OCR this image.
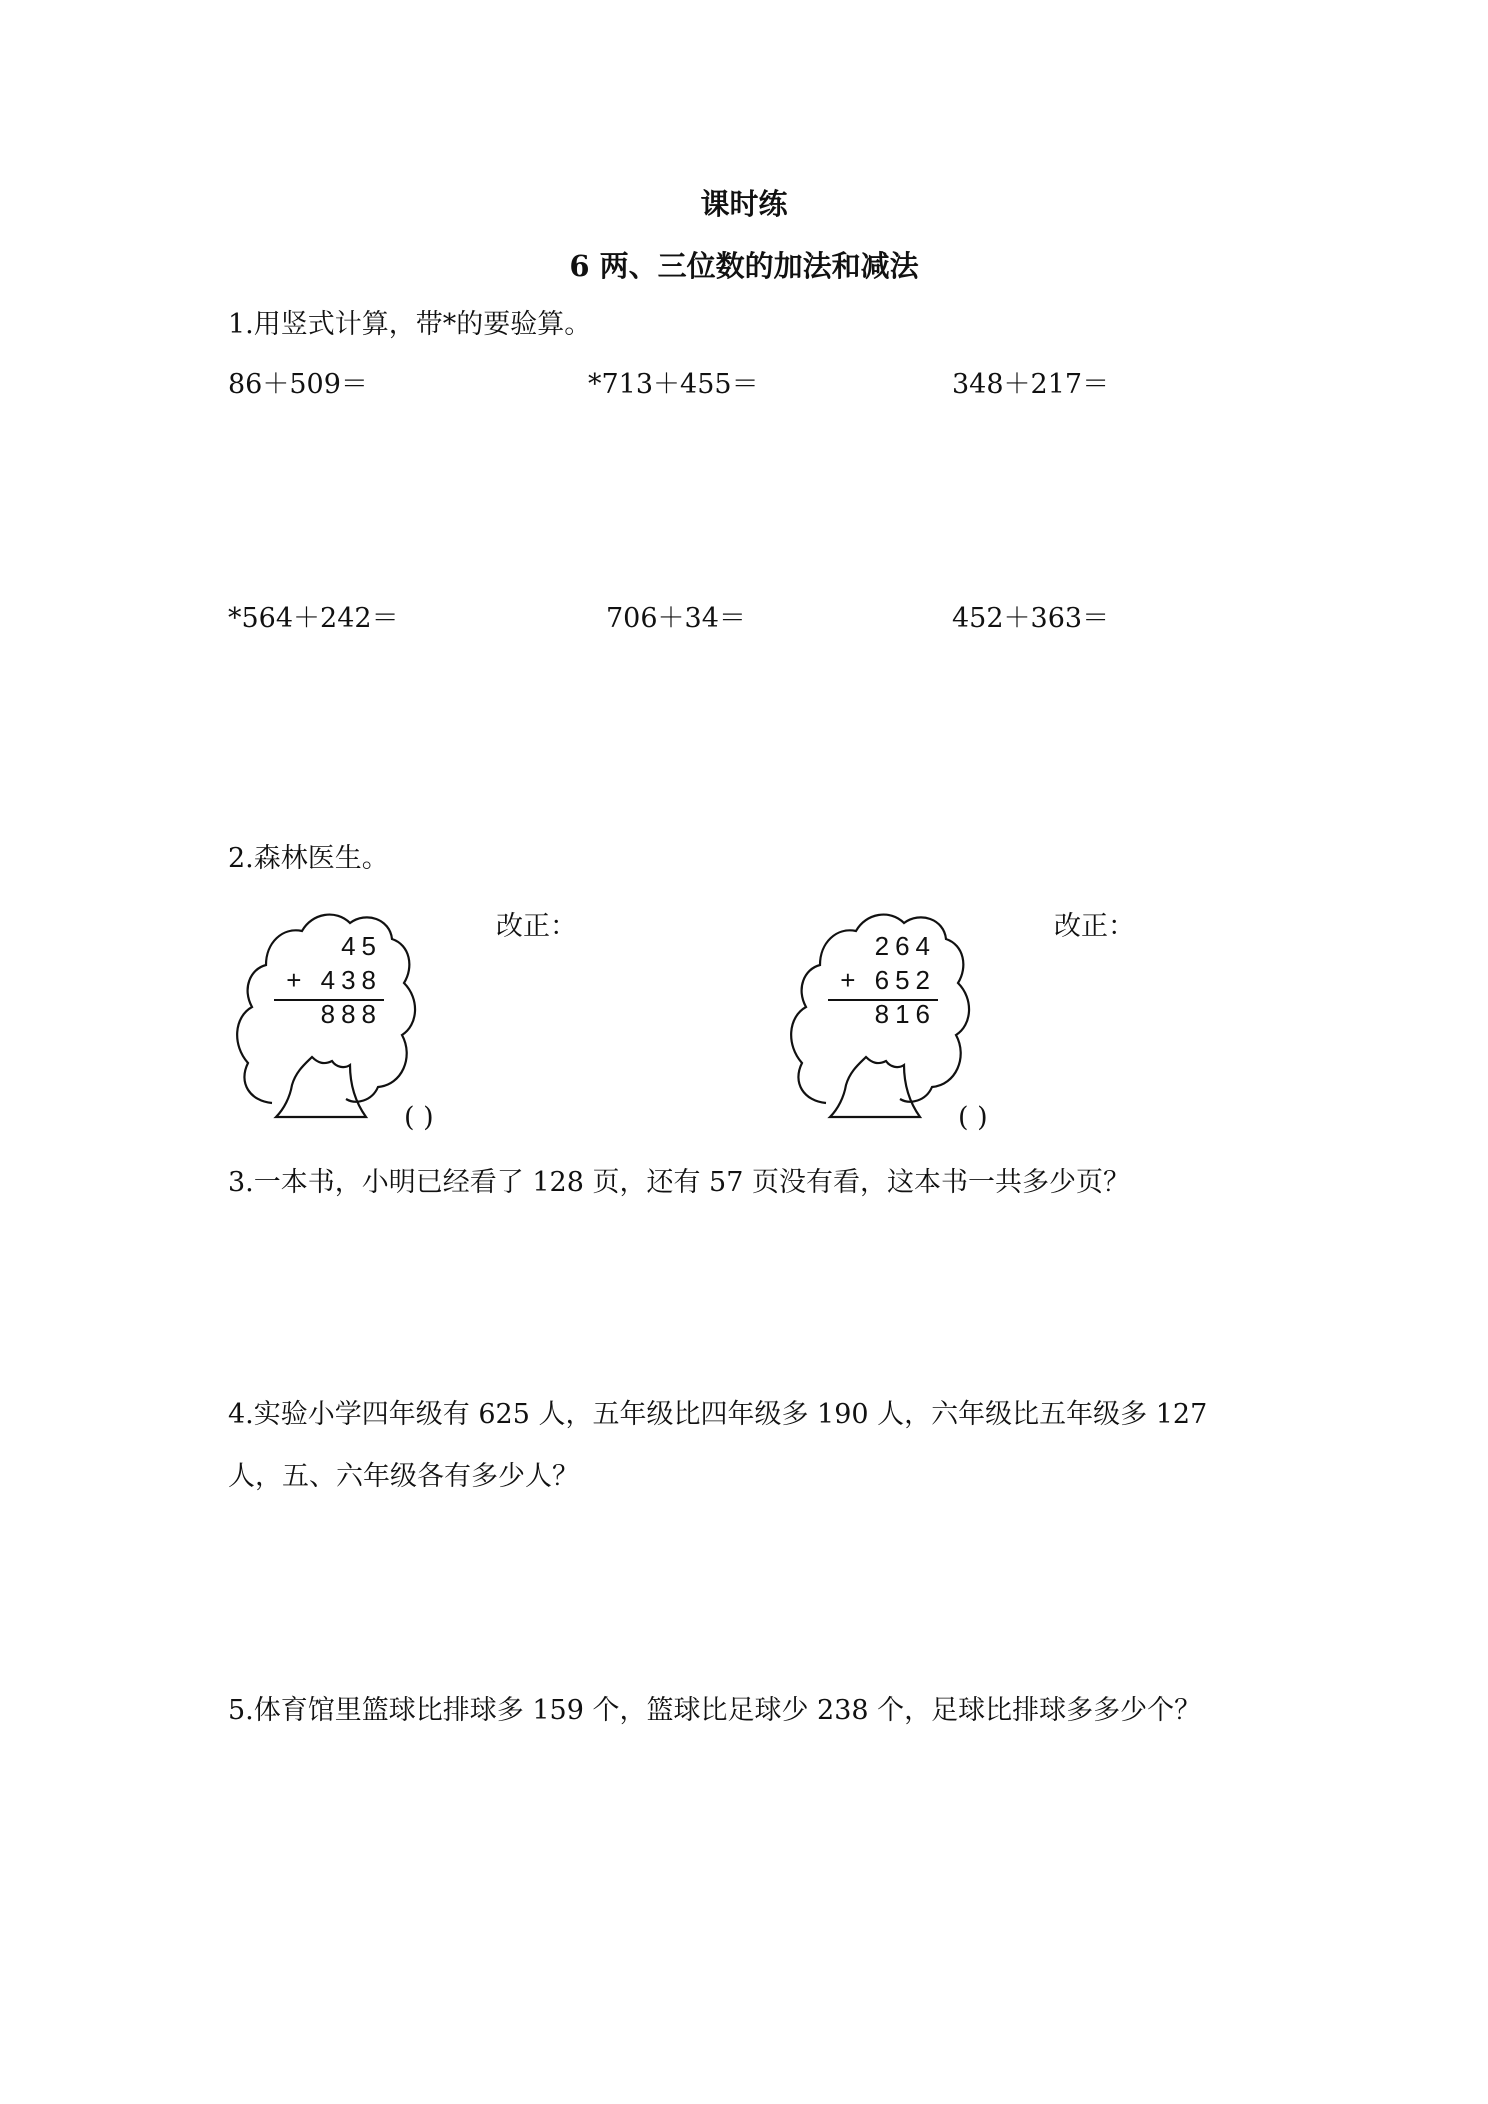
课时练
6 两、三位数的加法和减法
1.用竖式计算，带*的要验算。
86＋509＝	*713＋455＝	348＋217＝
*564＋242＝	706＋34＝	452＋363＝
2.森林医生。
45
+ 438
888
改正：
( )
264
+ 652
816
改正：
( )
3.一本书，小明已经看了 128 页，还有 57 页没有看，这本书一共多少页？
4.实验小学四年级有 625 人，五年级比四年级多 190 人，六年级比五年级多 127
人，五、六年级各有多少人？
5.体育馆里篮球比排球多 159 个，篮球比足球少 238 个，足球比排球多多少个？
